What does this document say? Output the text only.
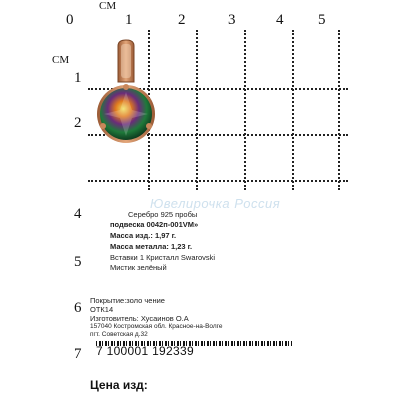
СМ
0	1	2	3	4 5
СМ
1
2
4
5
6
7
Ювелирочка Россия
Серебро 925 пробы
подвеска 0042п-001VM»
Масса изд.: 1,97 г.
Масса металла: 1,23 г.
Вставки 1 Кристалл Swarovski
Мистик зелёный
Покрытие:золо чение
ОТК14
Изготовитель: Хусаинов О.А
157040 Костромская обл. Красное-на-Волге
пгт. Советская д.32
7 100001 192339
Цена изд:
